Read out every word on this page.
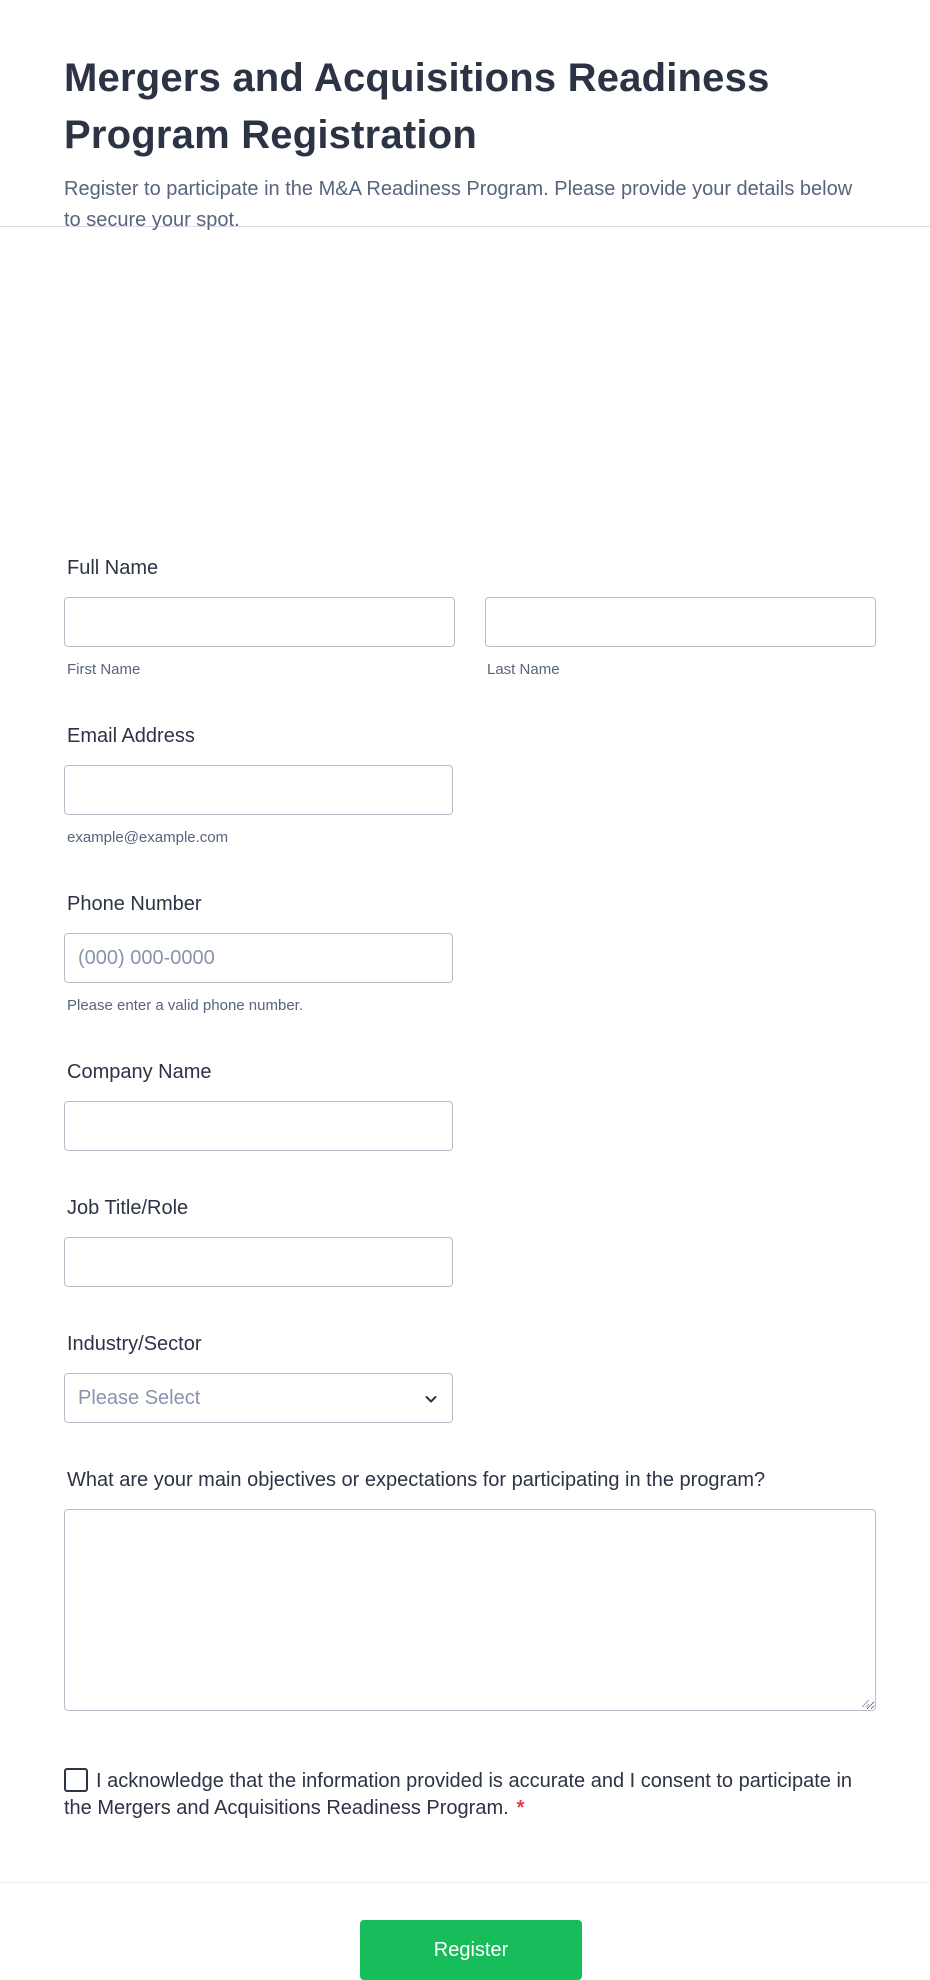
Mergers and Acquisitions Readiness Program Registration

Register to participate in the M&A Readiness Program. Please provide your details below to secure your spot.

Full Name
First Name	Last Name
Email Address
example@example.com
Phone Number
(000) 000-0000
Please enter a valid phone number.
Company Name
Job Title/Role
Industry/Sector
Please Select
What are your main objectives or expectations for participating in the program?
I acknowledge that the information provided is accurate and I consent to participate in the Mergers and Acquisitions Readiness Program. *
Register
